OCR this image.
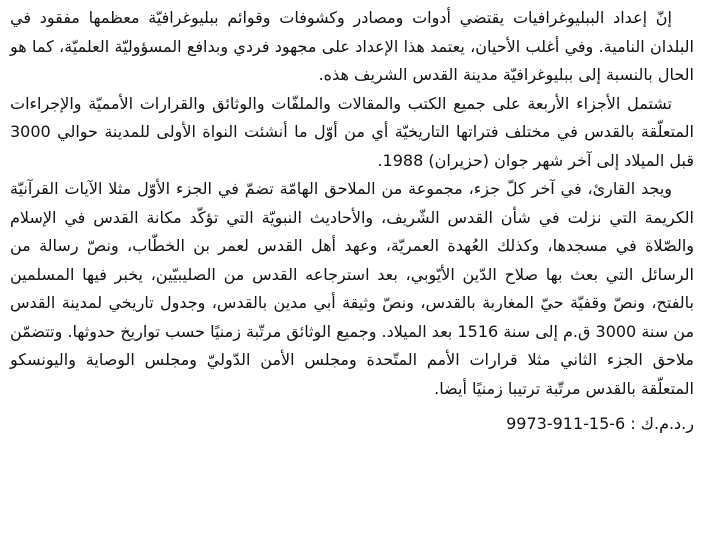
إنّ إعداد الببليوغرافيات يقتضي أدوات ومصادر وكشوفات وقوائم ببليوغرافيّة معظمها مفقود في البلدان النامية. وفي أغلب الأحيان، يعتمد هذا الإعداد على مجهود فردي وبدافع المسؤوليّة العلميّة، كما هو الحال بالنسبة إلى ببليوغرافيّة مدينة القدس الشريف هذه.

تشتمل الأجزاء الأربعة على جميع الكتب والمقالات والملفّات والوثائق والقرارات الأمميّة والإجراءات المتعلّقة بالقدس في مختلف فتراتها التاريخيّة أي من أوّل ما أنشئت النواة الأولى للمدينة حوالي 3000 قبل الميلاد إلى آخر شهر جوان (حزيران) 1988.

ويجد القارئ، في آخر كلّ جزء، مجموعة من الملاحق الهامّة تضمّ في الجزء الأوّل مثلا الآيات القرآنيّة الكريمة التي نزلت في شأن القدس الشّريف، والأحاديث النبويّة التي تؤكّد مكانة القدس في الإسلام والصّلاة في مسجدها، وكذلك العُهدة العمريّة، وعهد أهل القدس لعمر بن الخطّاب، ونصّ رسالة من الرسائل التي بعث بها صلاح الدّين الأيّوبي، بعد استرجاعه القدس من الصليبيّين، يخبر فيها المسلمين بالفتح، ونصّ وقفيّة حيّ المغاربة بالقدس، ونصّ وثيقة أبي مدين بالقدس، وجدول تاريخي لمدينة القدس من سنة 3000 ق.م إلى سنة 1516 بعد الميلاد. وجميع الوثائق مرتّبة زمنيًا حسب تواريخ حدوثها. وتتضمّن ملاحق الجزء الثاني مثلا قرارات الأمم المتّحدة ومجلس الأمن الدّوليّ ومجلس الوصاية واليونسكو المتعلّقة بالقدس مرتّبة ترتيبا زمنيًا أيضا.

ر.د.م.ك : 9973-911-15-6
